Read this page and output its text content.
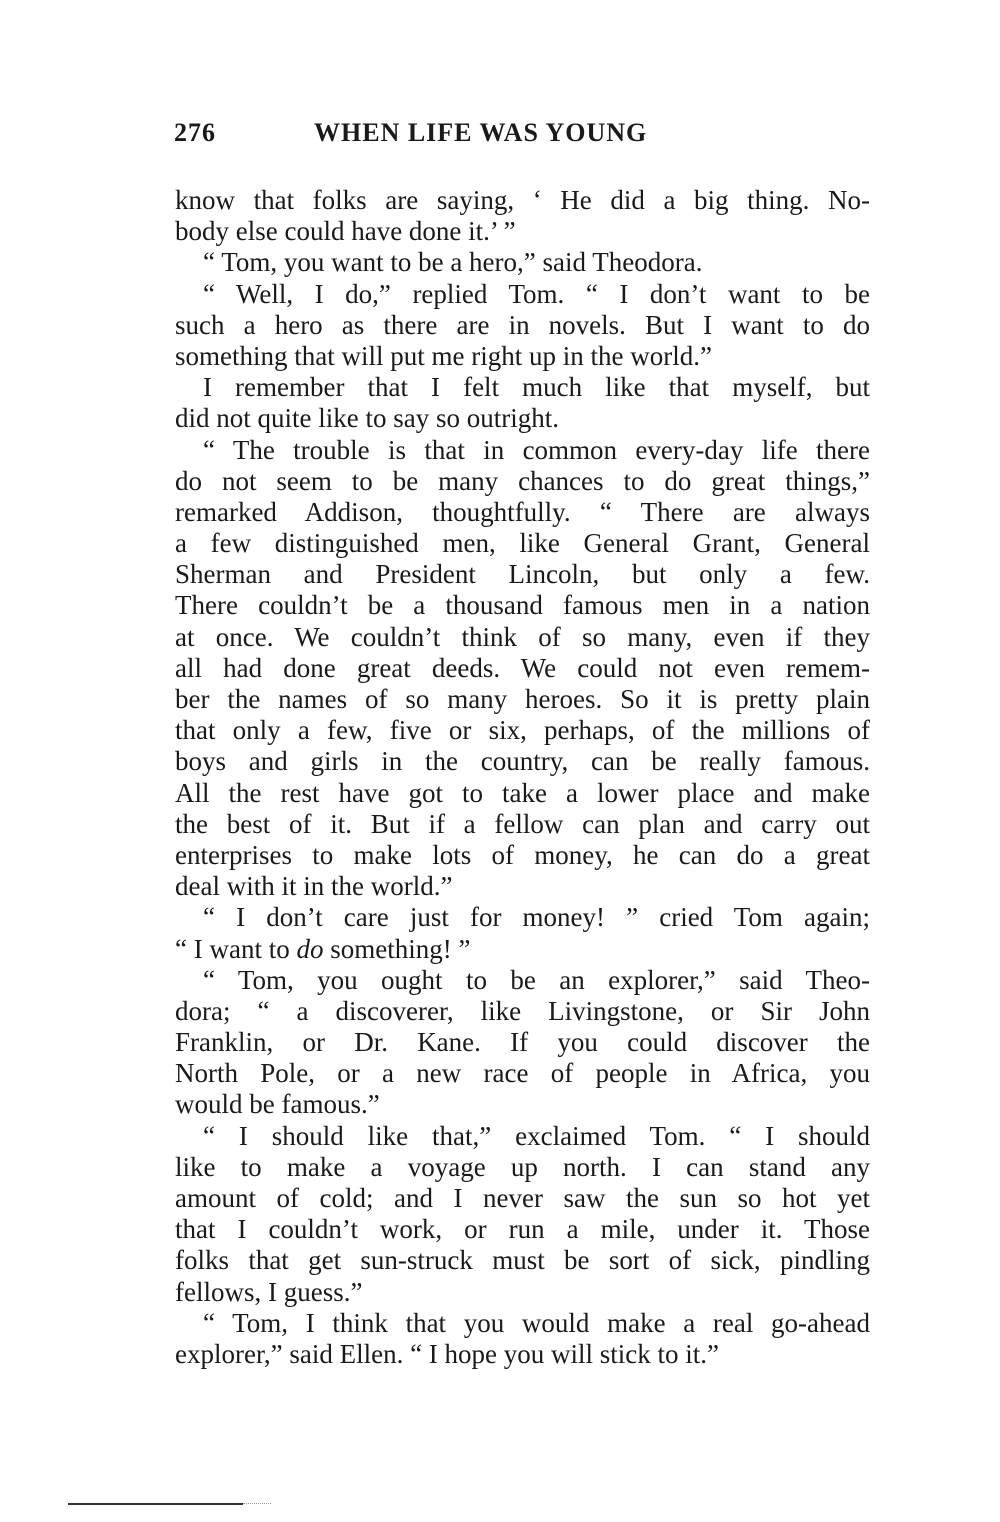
276	WHEN LIFE WAS YOUNG
know that folks are saying, ‘ He did a big thing. No-
body else could have done it.’ ”
“ Tom, you want to be a hero,” said Theodora.
“ Well, I do,” replied Tom. “ I don’t want to be
such a hero as there are in novels. But I want to do
something that will put me right up in the world.”
I remember that I felt much like that myself, but
did not quite like to say so outright.
“ The trouble is that in common every-day life there
do not seem to be many chances to do great things,”
remarked Addison, thoughtfully. “ There are always
a few distinguished men, like General Grant, General
Sherman and President Lincoln, but only a few.
There couldn’t be a thousand famous men in a nation
at once. We couldn’t think of so many, even if they
all had done great deeds. We could not even remem-
ber the names of so many heroes. So it is pretty plain
that only a few, five or six, perhaps, of the millions of
boys and girls in the country, can be really famous.
All the rest have got to take a lower place and make
the best of it. But if a fellow can plan and carry out
enterprises to make lots of money, he can do a great
deal with it in the world.”
“ I don’t care just for money! ” cried Tom again;
“ I want to do something! ”
“ Tom, you ought to be an explorer,” said Theo-
dora; “ a discoverer, like Livingstone, or Sir John
Franklin, or Dr. Kane. If you could discover the
North Pole, or a new race of people in Africa, you
would be famous.”
“ I should like that,” exclaimed Tom. “ I should
like to make a voyage up north. I can stand any
amount of cold; and I never saw the sun so hot yet
that I couldn’t work, or run a mile, under it. Those
folks that get sun-struck must be sort of sick, pindling
fellows, I guess.”
“ Tom, I think that you would make a real go-ahead
explorer,” said Ellen. “ I hope you will stick to it.”
